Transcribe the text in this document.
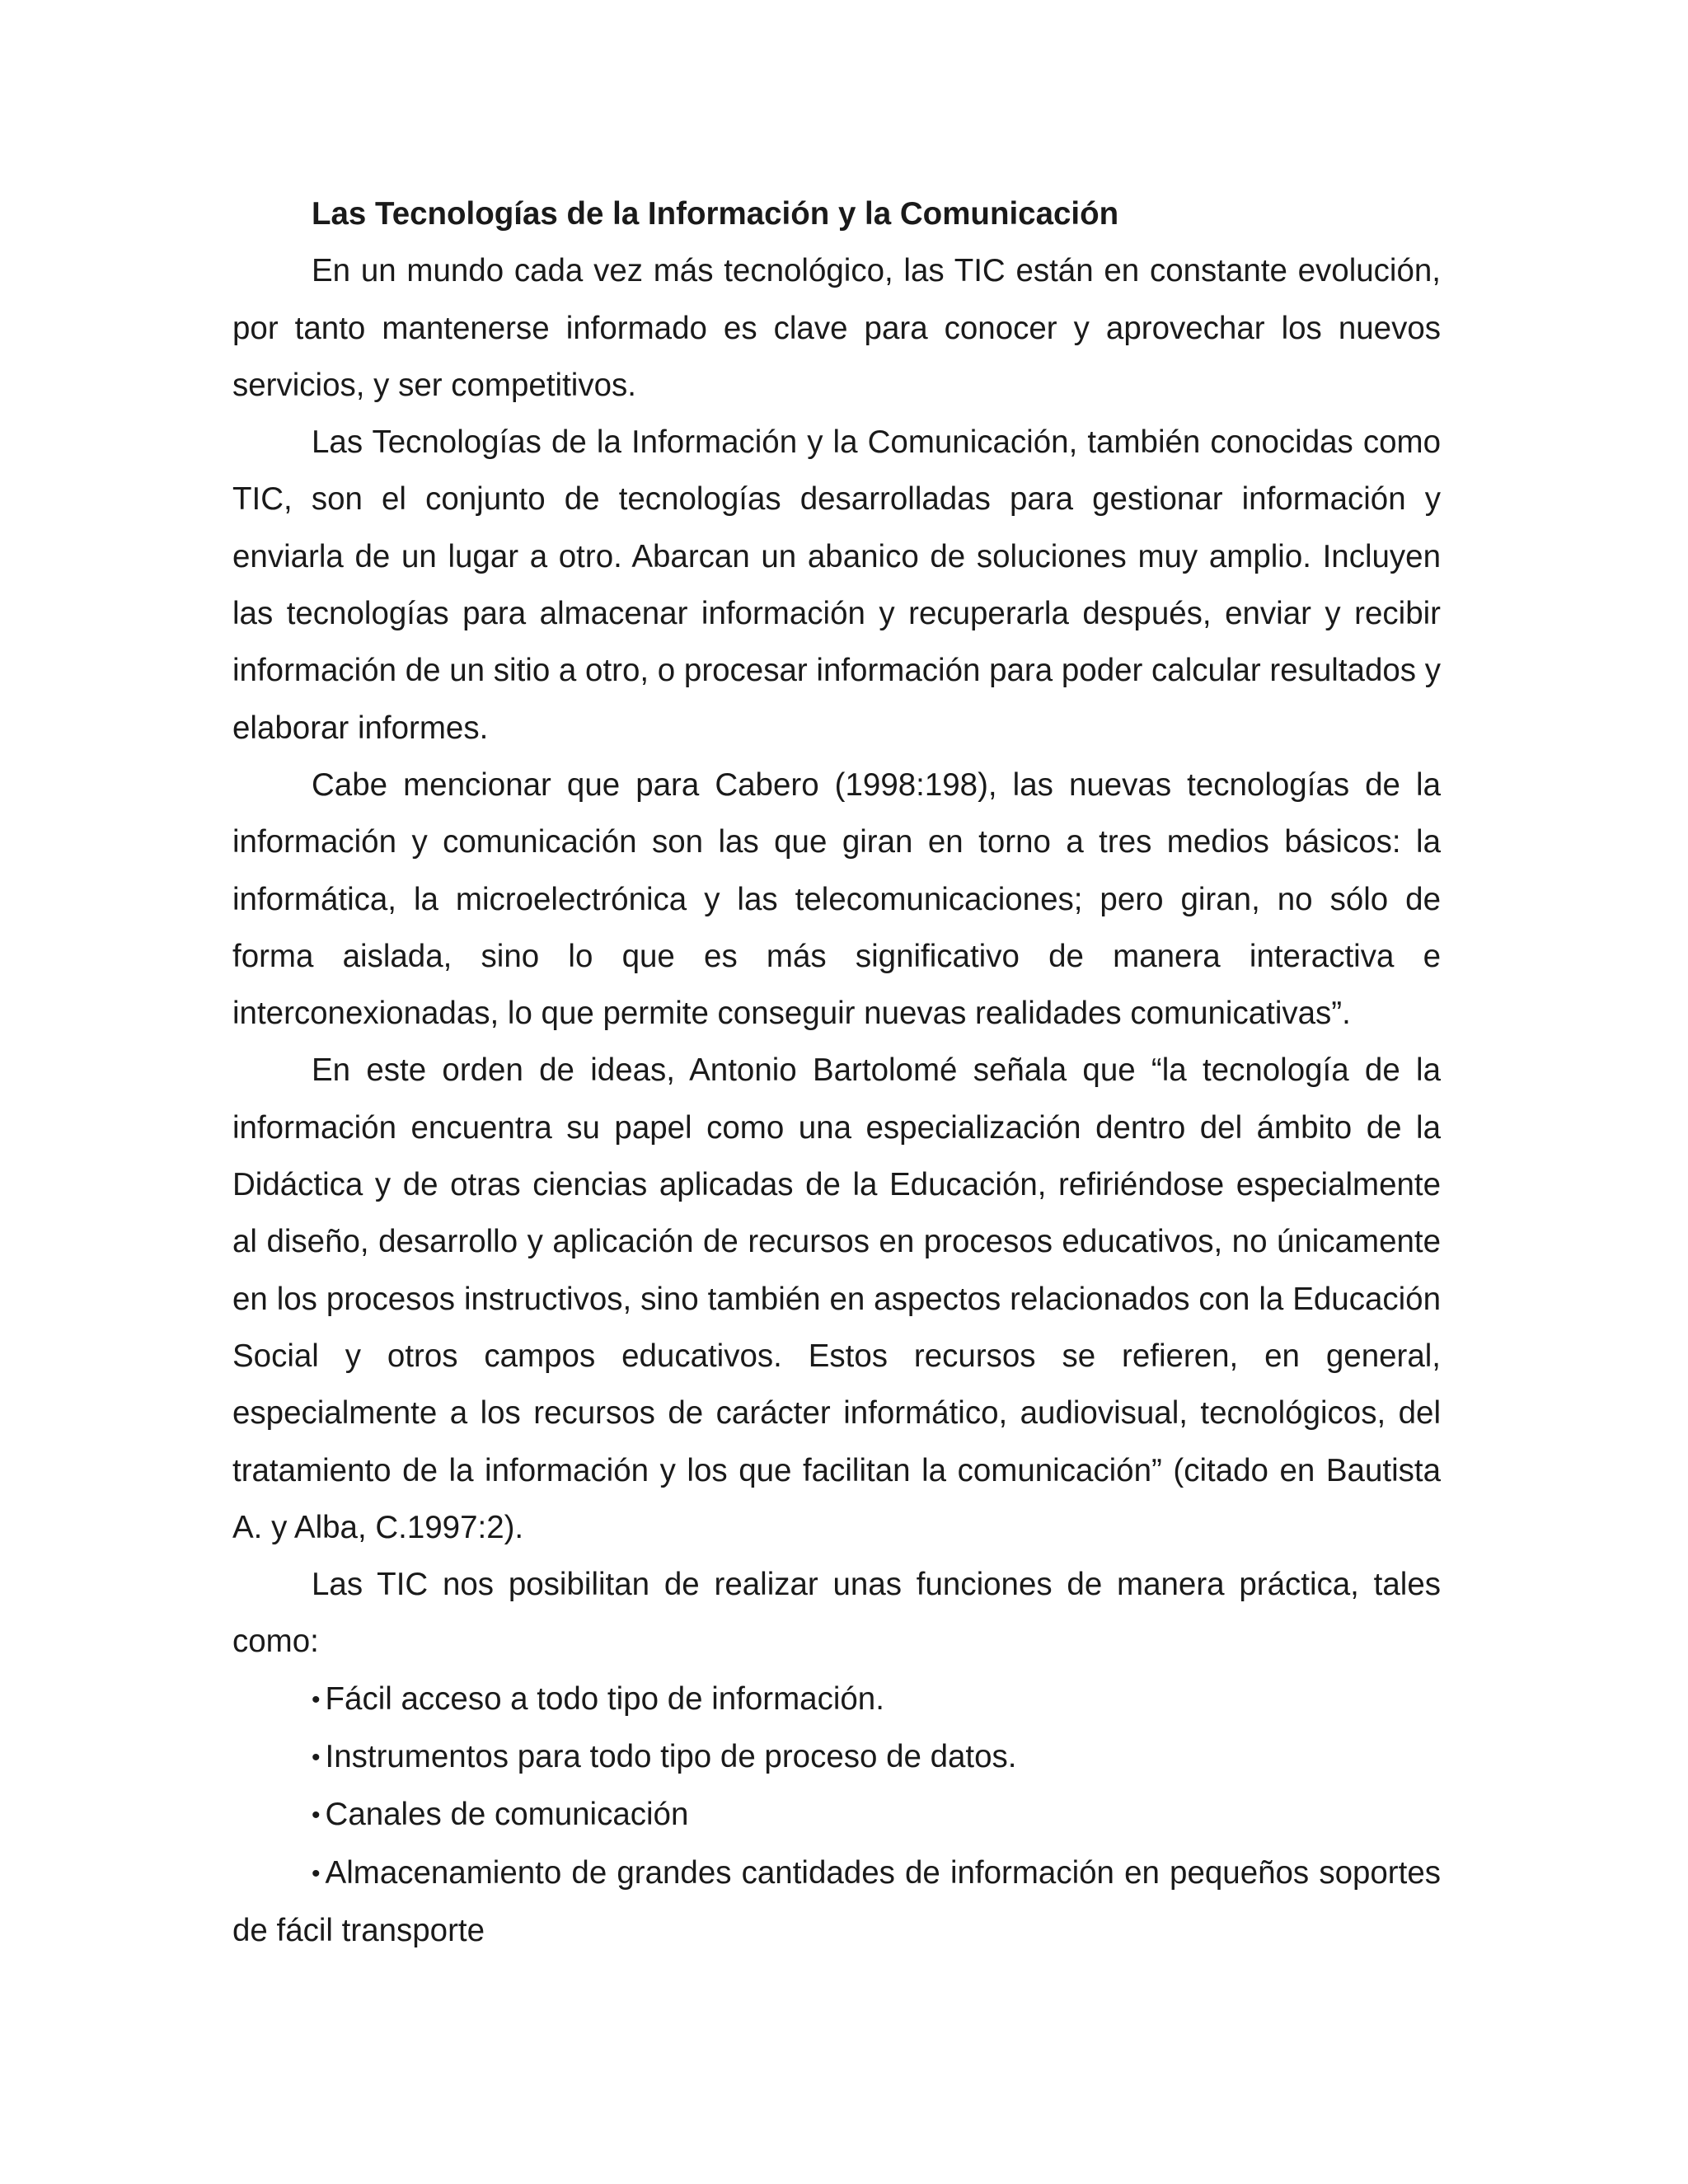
Las Tecnologías de la Información y la Comunicación

En un mundo cada vez más tecnológico, las TIC están en constante evolución, por tanto mantenerse informado es clave para conocer y aprovechar los nuevos servicios, y ser competitivos.

Las Tecnologías de la Información y la Comunicación, también conocidas como TIC, son el conjunto de tecnologías desarrolladas para gestionar información y enviarla de un lugar a otro. Abarcan un abanico de soluciones muy amplio. Incluyen las tecnologías para almacenar información y recuperarla después, enviar y recibir información de un sitio a otro, o procesar información para poder calcular resultados y elaborar informes.

Cabe mencionar que para Cabero (1998:198), las nuevas tecnologías de la información y comunicación son las que giran en torno a tres medios básicos: la informática, la microelectrónica y las telecomunicaciones; pero giran, no sólo de forma aislada, sino lo que es más significativo de manera interactiva e interconexionadas, lo que permite conseguir nuevas realidades comunicativas”.

En este orden de ideas, Antonio Bartolomé señala que “la tecnología de la información encuentra su papel como una especialización dentro del ámbito de la Didáctica y de otras ciencias aplicadas de la Educación, refiriéndose especialmente al diseño, desarrollo y aplicación de recursos en procesos educativos, no únicamente en los procesos instructivos, sino también en aspectos relacionados con la Educación Social y otros campos educativos. Estos recursos se refieren, en general, especialmente a los recursos de carácter informático, audiovisual, tecnológicos, del tratamiento de la información y los que facilitan la comunicación” (citado en Bautista A. y Alba, C.1997:2).

Las TIC nos posibilitan de realizar unas funciones de manera práctica, tales como:

• Fácil acceso a todo tipo de información.
• Instrumentos para todo tipo de proceso de datos.
• Canales de comunicación
• Almacenamiento de grandes cantidades de información en pequeños soportes de fácil transporte
